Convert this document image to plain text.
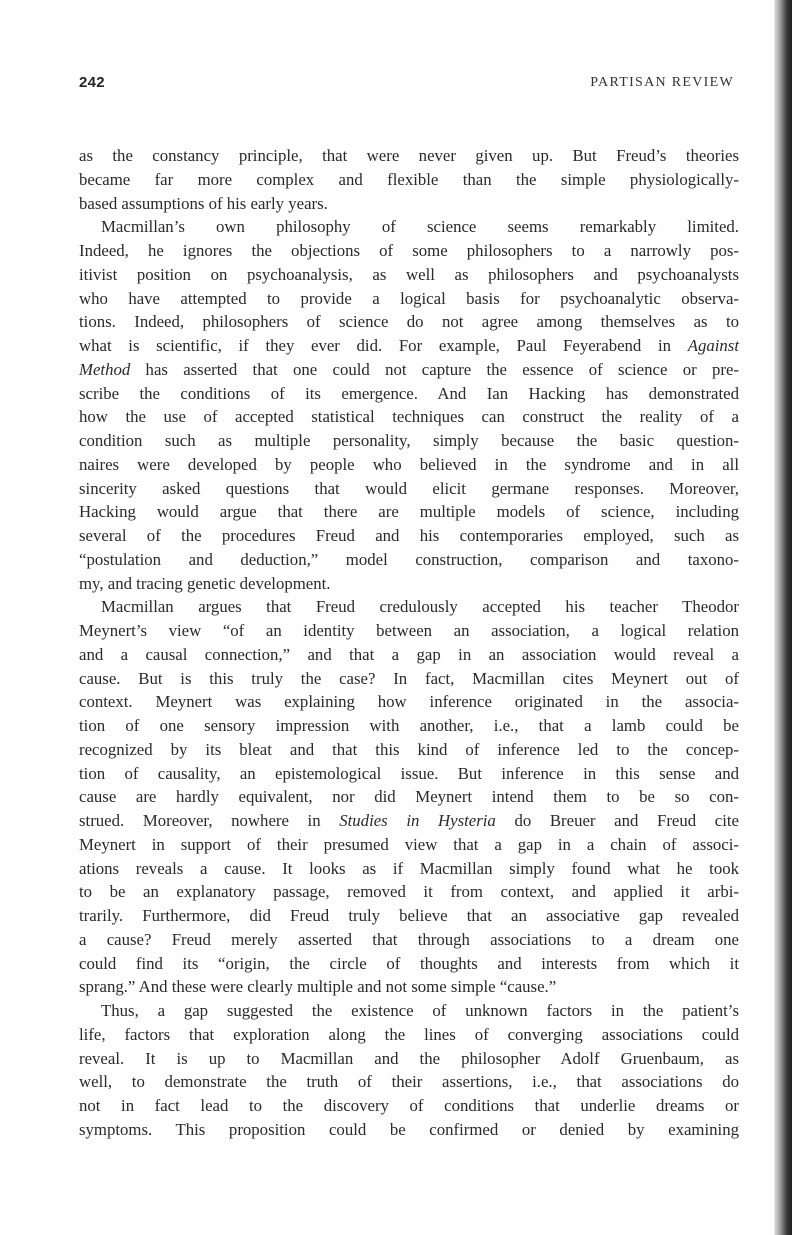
242	PARTISAN REVIEW
as the constancy principle, that were never given up. But Freud’s theories
became far more complex and flexible than the simple physiologically-
based assumptions of his early years.
Macmillan’s own philosophy of science seems remarkably limited.
Indeed, he ignores the objections of some philosophers to a narrowly pos-
itivist position on psychoanalysis, as well as philosophers and psychoanalysts
who have attempted to provide a logical basis for psychoanalytic observa-
tions. Indeed, philosophers of science do not agree among themselves as to
what is scientific, if they ever did. For example, Paul Feyerabend in Against
Method has asserted that one could not capture the essence of science or pre-
scribe the conditions of its emergence. And Ian Hacking has demonstrated
how the use of accepted statistical techniques can construct the reality of a
condition such as multiple personality, simply because the basic question-
naires were developed by people who believed in the syndrome and in all
sincerity asked questions that would elicit germane responses. Moreover,
Hacking would argue that there are multiple models of science, including
several of the procedures Freud and his contemporaries employed, such as
“postulation and deduction,” model construction, comparison and taxono-
my, and tracing genetic development.
Macmillan argues that Freud credulously accepted his teacher Theodor
Meynert’s view “of an identity between an association, a logical relation
and a causal connection,” and that a gap in an association would reveal a
cause. But is this truly the case? In fact, Macmillan cites Meynert out of
context. Meynert was explaining how inference originated in the associa-
tion of one sensory impression with another, i.e., that a lamb could be
recognized by its bleat and that this kind of inference led to the concep-
tion of causality, an epistemological issue. But inference in this sense and
cause are hardly equivalent, nor did Meynert intend them to be so con-
strued. Moreover, nowhere in Studies in Hysteria do Breuer and Freud cite
Meynert in support of their presumed view that a gap in a chain of associ-
ations reveals a cause. It looks as if Macmillan simply found what he took
to be an explanatory passage, removed it from context, and applied it arbi-
trarily. Furthermore, did Freud truly believe that an associative gap revealed
a cause? Freud merely asserted that through associations to a dream one
could find its “origin, the circle of thoughts and interests from which it
sprang.” And these were clearly multiple and not some simple “cause.”
Thus, a gap suggested the existence of unknown factors in the patient’s
life, factors that exploration along the lines of converging associations could
reveal. It is up to Macmillan and the philosopher Adolf Gruenbaum, as
well, to demonstrate the truth of their assertions, i.e., that associations do
not in fact lead to the discovery of conditions that underlie dreams or
symptoms. This proposition could be confirmed or denied by examining
